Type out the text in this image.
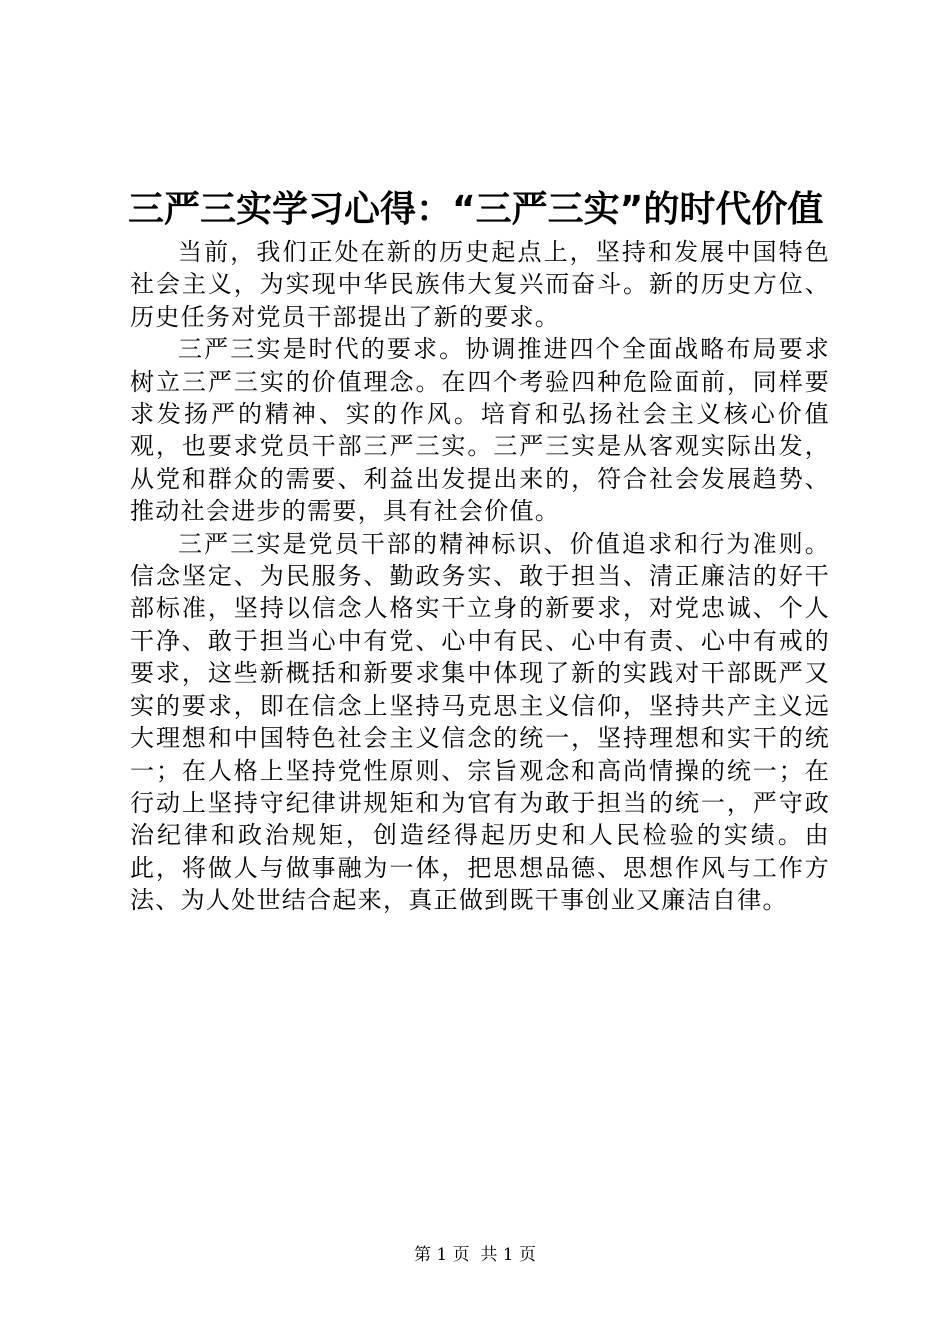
三严三实学习心得：“三严三实”的时代价值

当前，我们正处在新的历史起点上，坚持和发展中国特色社会主义，为实现中华民族伟大复兴而奋斗。新的历史方位、历史任务对党员干部提出了新的要求。

三严三实是时代的要求。协调推进四个全面战略布局要求树立三严三实的价值理念。在四个考验四种危险面前，同样要求发扬严的精神、实的作风。培育和弘扬社会主义核心价值观，也要求党员干部三严三实。三严三实是从客观实际出发，从党和群众的需要、利益出发提出来的，符合社会发展趋势、推动社会进步的需要，具有社会价值。

三严三实是党员干部的精神标识、价值追求和行为准则。信念坚定、为民服务、勤政务实、敢于担当、清正廉洁的好干部标准，坚持以信念人格实干立身的新要求，对党忠诚、个人干净、敢于担当心中有党、心中有民、心中有责、心中有戒的要求，这些新概括和新要求集中体现了新的实践对干部既严又实的要求，即在信念上坚持马克思主义信仰，坚持共产主义远大理想和中国特色社会主义信念的统一，坚持理想和实干的统一；在人格上坚持党性原则、宗旨观念和高尚情操的统一；在行动上坚持守纪律讲规矩和为官有为敢于担当的统一，严守政治纪律和政治规矩，创造经得起历史和人民检验的实绩。由此，将做人与做事融为一体，把思想品德、思想作风与工作方法、为人处世结合起来，真正做到既干事创业又廉洁自律。

第 1 页 共 1 页
